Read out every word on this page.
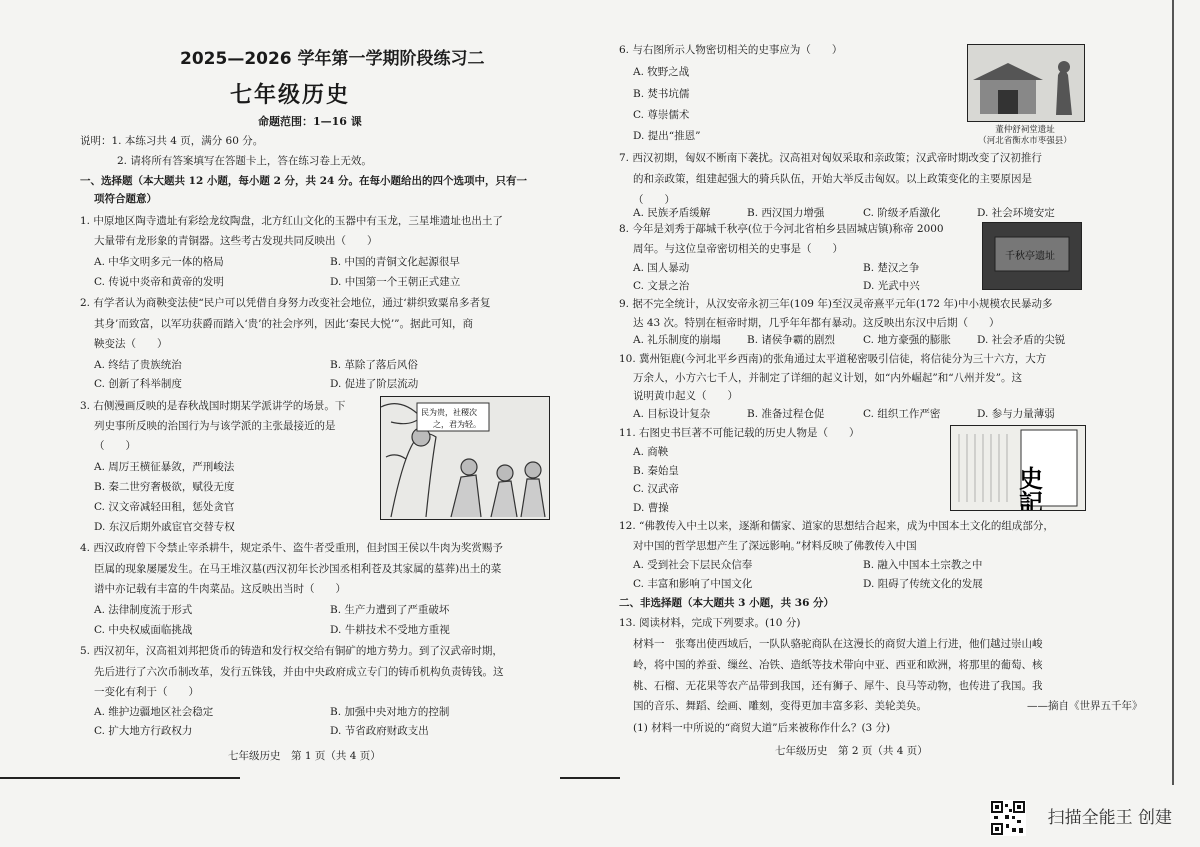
2025—2026 学年第一学期阶段练习二
七年级历史
命题范围：1—16 课
说明：1. 本练习共 4 页，满分 60 分。
2. 请将所有答案填写在答题卡上，答在练习卷上无效。
一、选择题（本大题共 12 小题，每小题 2 分，共 24 分。在每小题给出的四个选项中，只有一
项符合题意）
1. 中原地区陶寺遗址有彩绘龙纹陶盘，北方红山文化的玉器中有玉龙，三星堆遗址也出土了
大量带有龙形象的青铜器。这些考古发现共同反映出（　　）
A. 中华文明多元一体的格局	B. 中国的青铜文化起源很早
C. 传说中炎帝和黄帝的发明	D. 中国第一个王朝正式建立
2. 有学者认为商鞅变法使“民户可以凭借自身努力改变社会地位，通过‘耕织致粟帛多者复
其身’而致富，以军功获爵而踏入‘贵’的社会序列，因此‘秦民大悦’”。据此可知，商
鞅变法（　　）
A. 终结了贵族统治	B. 革除了落后风俗
C. 创新了科举制度	D. 促进了阶层流动
3. 右侧漫画反映的是春秋战国时期某学派讲学的场景。下
列史事所反映的治国行为与该学派的主张最接近的是
（　　）
A. 周厉王横征暴敛，严刑峻法
B. 秦二世穷奢极欲，赋役无度
C. 汉文帝减轻田租，惩处贪官
D. 东汉后期外戚宦官交替专权
民为贵，社稷次
之，君为轻。
4. 西汉政府曾下令禁止宰杀耕牛，规定杀牛、盗牛者受重刑，但封国王侯以牛肉为奖赏赐予
臣属的现象屡屡发生。在马王堆汉墓(西汉初年长沙国丞相利苍及其家属的墓葬)出土的菜
谱中亦记载有丰富的牛肉菜品。这反映出当时（　　）
A. 法律制度流于形式	B. 生产力遭到了严重破坏
C. 中央权威面临挑战	D. 牛耕技术不受地方重视
5. 西汉初年，汉高祖刘邦把货币的铸造和发行权交给有铜矿的地方势力。到了汉武帝时期，
先后进行了六次币制改革，发行五铢钱，并由中央政府成立专门的铸币机构负责铸钱。这
一变化有利于（　　）
A. 维护边疆地区社会稳定	B. 加强中央对地方的控制
C. 扩大地方行政权力	D. 节省政府财政支出
七年级历史　第 1 页（共 4 页）
6. 与右图所示人物密切相关的史事应为（　　）
A. 牧野之战
B. 焚书坑儒
C. 尊崇儒术
D. 提出“推恩”	董仲舒祠堂遗址
（河北省衡水市枣强县）
7. 西汉初期，匈奴不断南下袭扰。汉高祖对匈奴采取和亲政策；汉武帝时期改变了汉初推行
的和亲政策，组建起强大的骑兵队伍，开始大举反击匈奴。以上政策变化的主要原因是
（　　）
A. 民族矛盾缓解	B. 西汉国力增强	C. 阶级矛盾激化	D. 社会环境安定
8. 今年是刘秀于鄗城千秋亭(位于今河北省柏乡县固城店镇)称帝 2000
周年。与这位皇帝密切相关的史事是（　　）
A. 国人暴动	B. 楚汉之争
C. 文景之治	D. 光武中兴
千秋亭遗址
9. 据不完全统计，从汉安帝永初三年(109 年)至汉灵帝熹平元年(172 年)中小规模农民暴动多
达 43 次。特别在桓帝时期，几乎年年都有暴动。这反映出东汉中后期（　　）
A. 礼乐制度的崩塌 B. 诸侯争霸的剧烈	C. 地方豪强的膨胀 D. 社会矛盾的尖锐
10. 冀州钜鹿(今河北平乡西南)的张角通过太平道秘密吸引信徒，将信徒分为三十六方，大方
万余人，小方六七千人，并制定了详细的起义计划，如“内外崛起”和“八州并发”。这
说明黄巾起义（　　）
A. 目标设计复杂	B. 准备过程仓促	C. 组织工作严密	D. 参与力量薄弱
11. 右图史书巨著不可能记载的历史人物是（　　）
A. 商鞅
B. 秦始皇
C. 汉武帝
D. 曹操	史記
12. “佛教传入中土以来，逐渐和儒家、道家的思想结合起来，成为中国本土文化的组成部分，
对中国的哲学思想产生了深远影响。”材料反映了佛教传入中国
A. 受到社会下层民众信奉	B. 融入中国本土宗教之中
C. 丰富和影响了中国文化	D. 阻碍了传统文化的发展
二、非选择题（本大题共 3 小题，共 36 分）
13. 阅读材料，完成下列要求。(10 分)
材料一　张骞出使西域后，一队队骆驼商队在这漫长的商贸大道上行进，他们越过崇山峻
岭，将中国的养蚕、缫丝、冶铁、造纸等技术带向中亚、西亚和欧洲，将那里的葡萄、核
桃、石榴、无花果等农产品带到我国，还有狮子、犀牛、良马等动物，也传进了我国。我
国的音乐、舞蹈、绘画、雕刻，变得更加丰富多彩、美轮美奂。	——摘自《世界五千年》
(1) 材料一中所说的“商贸大道”后来被称作什么？(3 分)
七年级历史　第 2 页（共 4 页）
扫描全能王 创建
